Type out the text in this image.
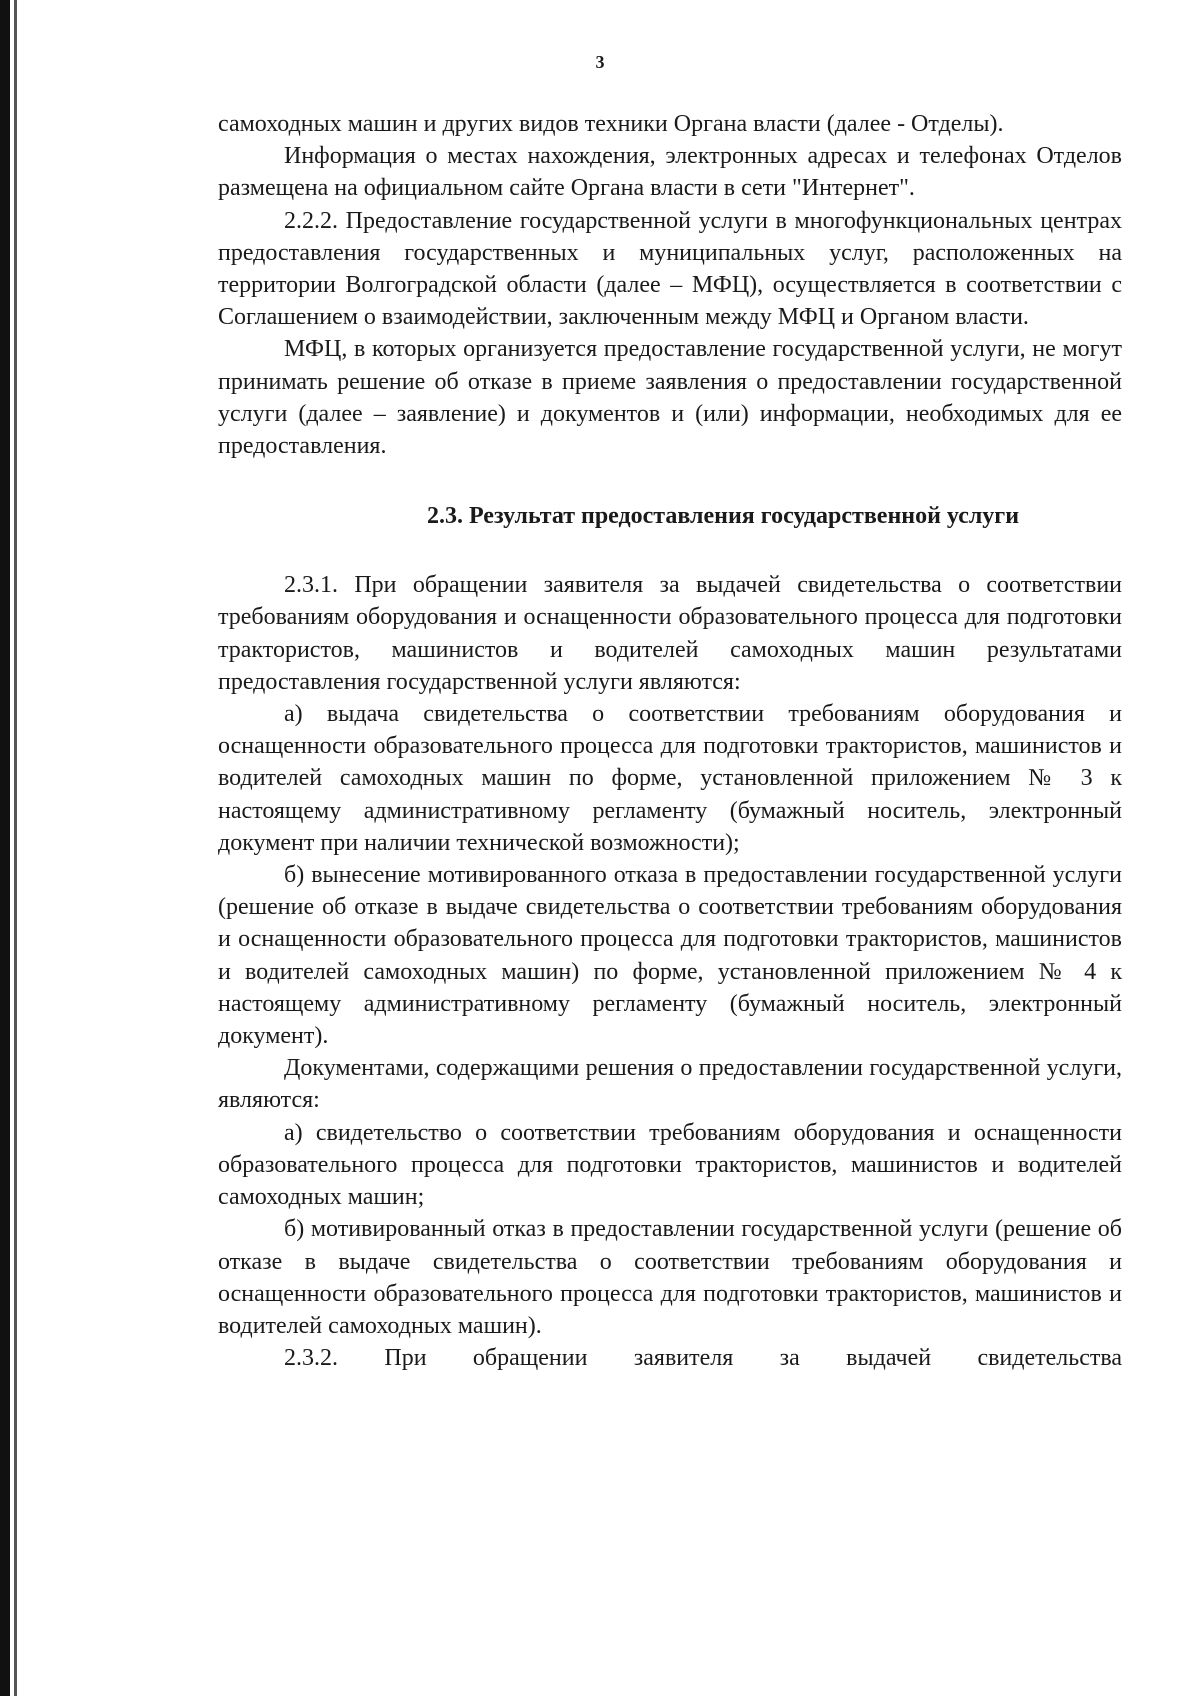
3

самоходных машин и других видов техники Органа власти (далее - Отделы).

Информация о местах нахождения, электронных адресах и телефонах Отделов размещена на официальном сайте Органа власти в сети "Интернет".

2.2.2. Предоставление государственной услуги в многофункциональных центрах предоставления государственных и муниципальных услуг, расположенных на территории Волгоградской области (далее – МФЦ), осуществляется в соответствии с Соглашением о взаимодействии, заключенным между МФЦ и Органом власти.

МФЦ, в которых организуется предоставление государственной услуги, не могут принимать решение об отказе в приеме заявления о предоставлении государственной услуги (далее – заявление) и документов и (или) информации, необходимых для ее предоставления.

2.3. Результат предоставления государственной услуги

2.3.1. При обращении заявителя за выдачей свидетельства о соответствии требованиям оборудования и оснащенности образовательного процесса для подготовки трактористов, машинистов и водителей самоходных машин результатами предоставления государственной услуги являются:

а) выдача свидетельства о соответствии требованиям оборудования и оснащенности образовательного процесса для подготовки трактористов, машинистов и водителей самоходных машин по форме, установленной приложением № 3 к настоящему административному регламенту (бумажный носитель, электронный документ при наличии технической возможности);

б) вынесение мотивированного отказа в предоставлении государственной услуги (решение об отказе в выдаче свидетельства о соответствии требованиям оборудования и оснащенности образовательного процесса для подготовки трактористов, машинистов и водителей самоходных машин) по форме, установленной приложением № 4 к настоящему административному регламенту (бумажный носитель, электронный документ).

Документами, содержащими решения о предоставлении государственной услуги, являются:

а) свидетельство о соответствии требованиям оборудования и оснащенности образовательного процесса для подготовки трактористов, машинистов и водителей самоходных машин;

б) мотивированный отказ в предоставлении государственной услуги (решение об отказе в выдаче свидетельства о соответствии требованиям оборудования и оснащенности образовательного процесса для подготовки трактористов, машинистов и водителей самоходных машин).

2.3.2. При обращении заявителя за выдачей свидетельства
